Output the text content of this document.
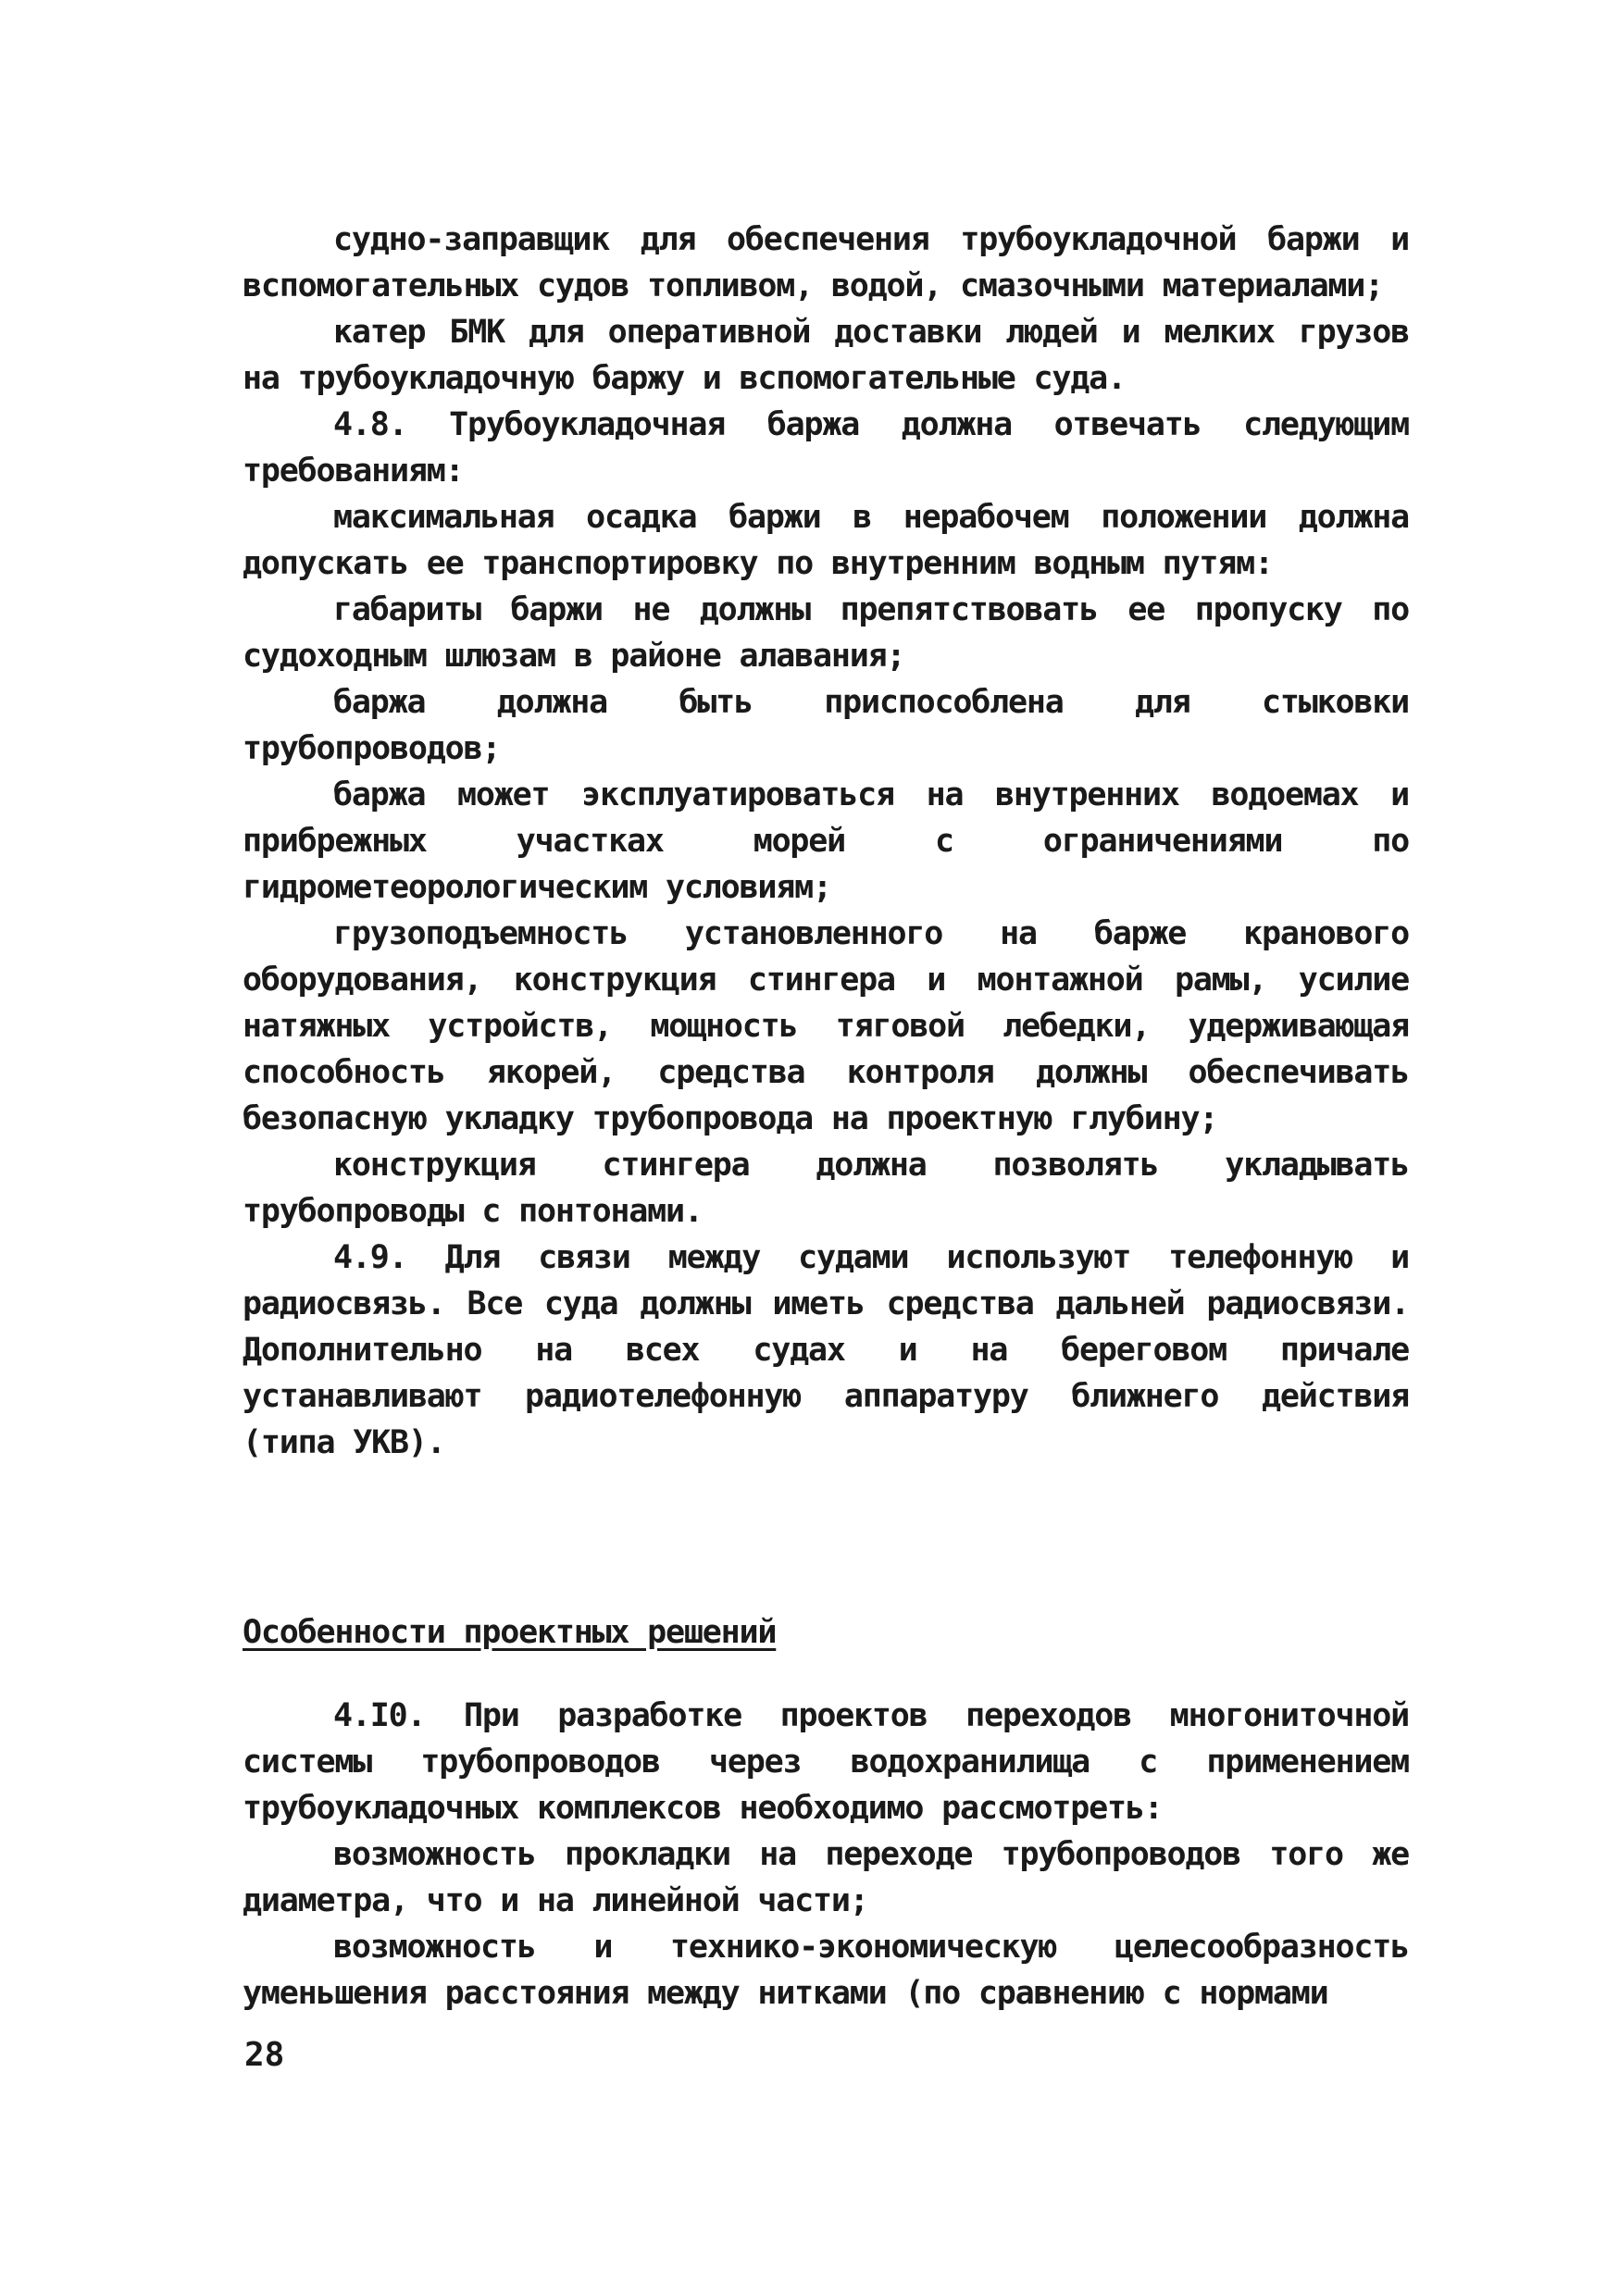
судно-заправщик для обеспечения трубоукладочной баржи и вспомогательных судов топливом, водой, смазочными материалами;

катер БМК для оперативной доставки людей и мелких грузов на трубоукладочную баржу и вспомогательные суда.

4.8. Трубоукладочная баржа должна отвечать следующим требованиям:

максимальная осадка баржи в нерабочем положении должна допускать ее транспортировку по внутренним водным путям:

габариты баржи не должны препятствовать ее пропуску по судоходным шлюзам в районе алавания;

баржа должна быть приспособлена для стыковки трубопроводов;

баржа может эксплуатироваться на внутренних водоемах и прибрежных участках морей с ограничениями по гидрометеорологическим условиям;

грузоподъемность установленного на барже кранового оборудования, конструкция стингера и монтажной рамы, усилие натяжных устройств, мощность тяговой лебедки, удерживающая способность якорей, средства контроля должны обеспечивать безопасную укладку трубопровода на проектную глубину;

конструкция стингера должна позволять укладывать трубопроводы с понтонами.

4.9. Для связи между судами используют телефонную и радиосвязь. Все суда должны иметь средства дальней радиосвязи. Дополнительно на всех судах и на береговом причале устанавливают радиотелефонную аппаратуру ближнего действия (типа УКВ).

Особенности проектных решений

4.I0. При разработке проектов переходов многониточной системы трубопроводов через водохранилища с применением трубоукладочных комплексов необходимо рассмотреть:

возможность прокладки на переходе трубопроводов того же диаметра, что и на линейной части;

возможность и технико-экономическую целесообразность уменьшения расстояния между нитками (по сравнению с нормами

28
